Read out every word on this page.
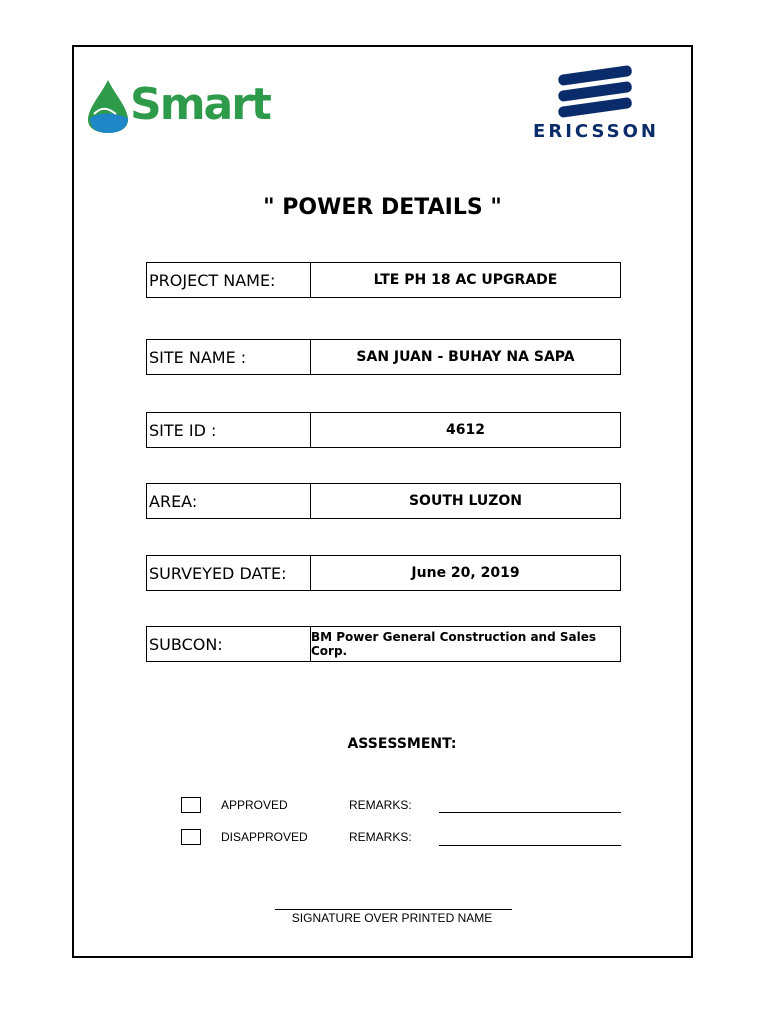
Smart
ERICSSON
" POWER DETAILS "
PROJECT NAME:	LTE PH 18 AC UPGRADE
SITE NAME :	SAN JUAN - BUHAY NA SAPA
SITE ID :	4612
AREA:	SOUTH LUZON
SURVEYED DATE:	June 20, 2019
SUBCON:	BM Power General Construction and Sales Corp.
ASSESSMENT:
APPROVED	REMARKS:
DISAPPROVED	REMARKS:
SIGNATURE OVER PRINTED NAME
